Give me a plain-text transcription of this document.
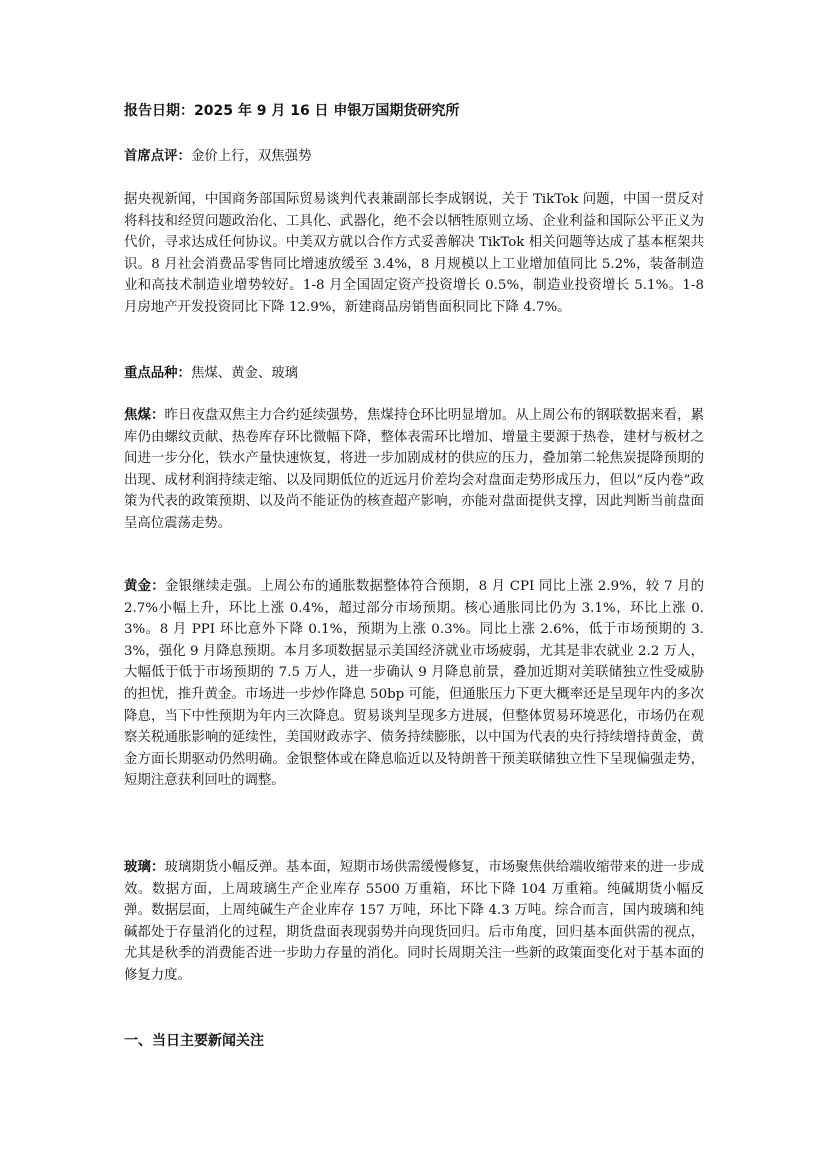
报告日期：2025 年 9 月 16 日 申银万国期货研究所

首席点评：金价上行，双焦强势

据央视新闻，中国商务部国际贸易谈判代表兼副部长李成钢说，关于 TikTok 问题，中国一贯反对将科技和经贸问题政治化、工具化、武器化，绝不会以牺牲原则立场、企业利益和国际公平正义为代价，寻求达成任何协议。中美双方就以合作方式妥善解决 TikTok 相关问题等达成了基本框架共识。8 月社会消费品零售同比增速放缓至 3.4%，8 月规模以上工业增加值同比 5.2%，装备制造业和高技术制造业增势较好。1-8 月全国固定资产投资增长 0.5%，制造业投资增长 5.1%。1-8 月房地产开发投资同比下降 12.9%，新建商品房销售面积同比下降 4.7%。

重点品种：焦煤、黄金、玻璃

焦煤：昨日夜盘双焦主力合约延续强势，焦煤持仓环比明显增加。从上周公布的钢联数据来看，累库仍由螺纹贡献、热卷库存环比微幅下降，整体表需环比增加、增量主要源于热卷，建材与板材之间进一步分化，铁水产量快速恢复，将进一步加剧成材的供应的压力，叠加第二轮焦炭提降预期的出现、成材利润持续走缩、以及同期低位的近远月价差均会对盘面走势形成压力，但以“反内卷”政策为代表的政策预期、以及尚不能证伪的核查超产影响，亦能对盘面提供支撑，因此判断当前盘面呈高位震荡走势。

黄金：金银继续走强。上周公布的通胀数据整体符合预期，8 月 CPI 同比上涨 2.9%，较 7 月的 2.7%小幅上升，环比上涨 0.4%，超过部分市场预期。核心通胀同比仍为 3.1%，环比上涨 0.3%。8 月 PPI 环比意外下降 0.1%，预期为上涨 0.3%。同比上涨 2.6%，低于市场预期的 3.3%，强化 9 月降息预期。本月多项数据显示美国经济就业市场疲弱，尤其是非农就业 2.2 万人，大幅低于低于市场预期的 7.5 万人，进一步确认 9 月降息前景，叠加近期对美联储独立性受威胁的担忧，推升黄金。市场进一步炒作降息 50bp 可能，但通胀压力下更大概率还是呈现年内的多次降息，当下中性预期为年内三次降息。贸易谈判呈现多方进展，但整体贸易环境恶化，市场仍在观察关税通胀影响的延续性，美国财政赤字、债务持续膨胀，以中国为代表的央行持续增持黄金，黄金方面长期驱动仍然明确。金银整体或在降息临近以及特朗普干预美联储独立性下呈现偏强走势，短期注意获利回吐的调整。

玻璃：玻璃期货小幅反弹。基本面，短期市场供需缓慢修复，市场聚焦供给端收缩带来的进一步成效。数据方面，上周玻璃生产企业库存 5500 万重箱，环比下降 104 万重箱。纯碱期货小幅反弹。数据层面，上周纯碱生产企业库存 157 万吨，环比下降 4.3 万吨。综合而言，国内玻璃和纯碱都处于存量消化的过程，期货盘面表现弱势并向现货回归。后市角度，回归基本面供需的视点，尤其是秋季的消费能否进一步助力存量的消化。同时长周期关注一些新的政策面变化对于基本面的修复力度。

一、当日主要新闻关注
